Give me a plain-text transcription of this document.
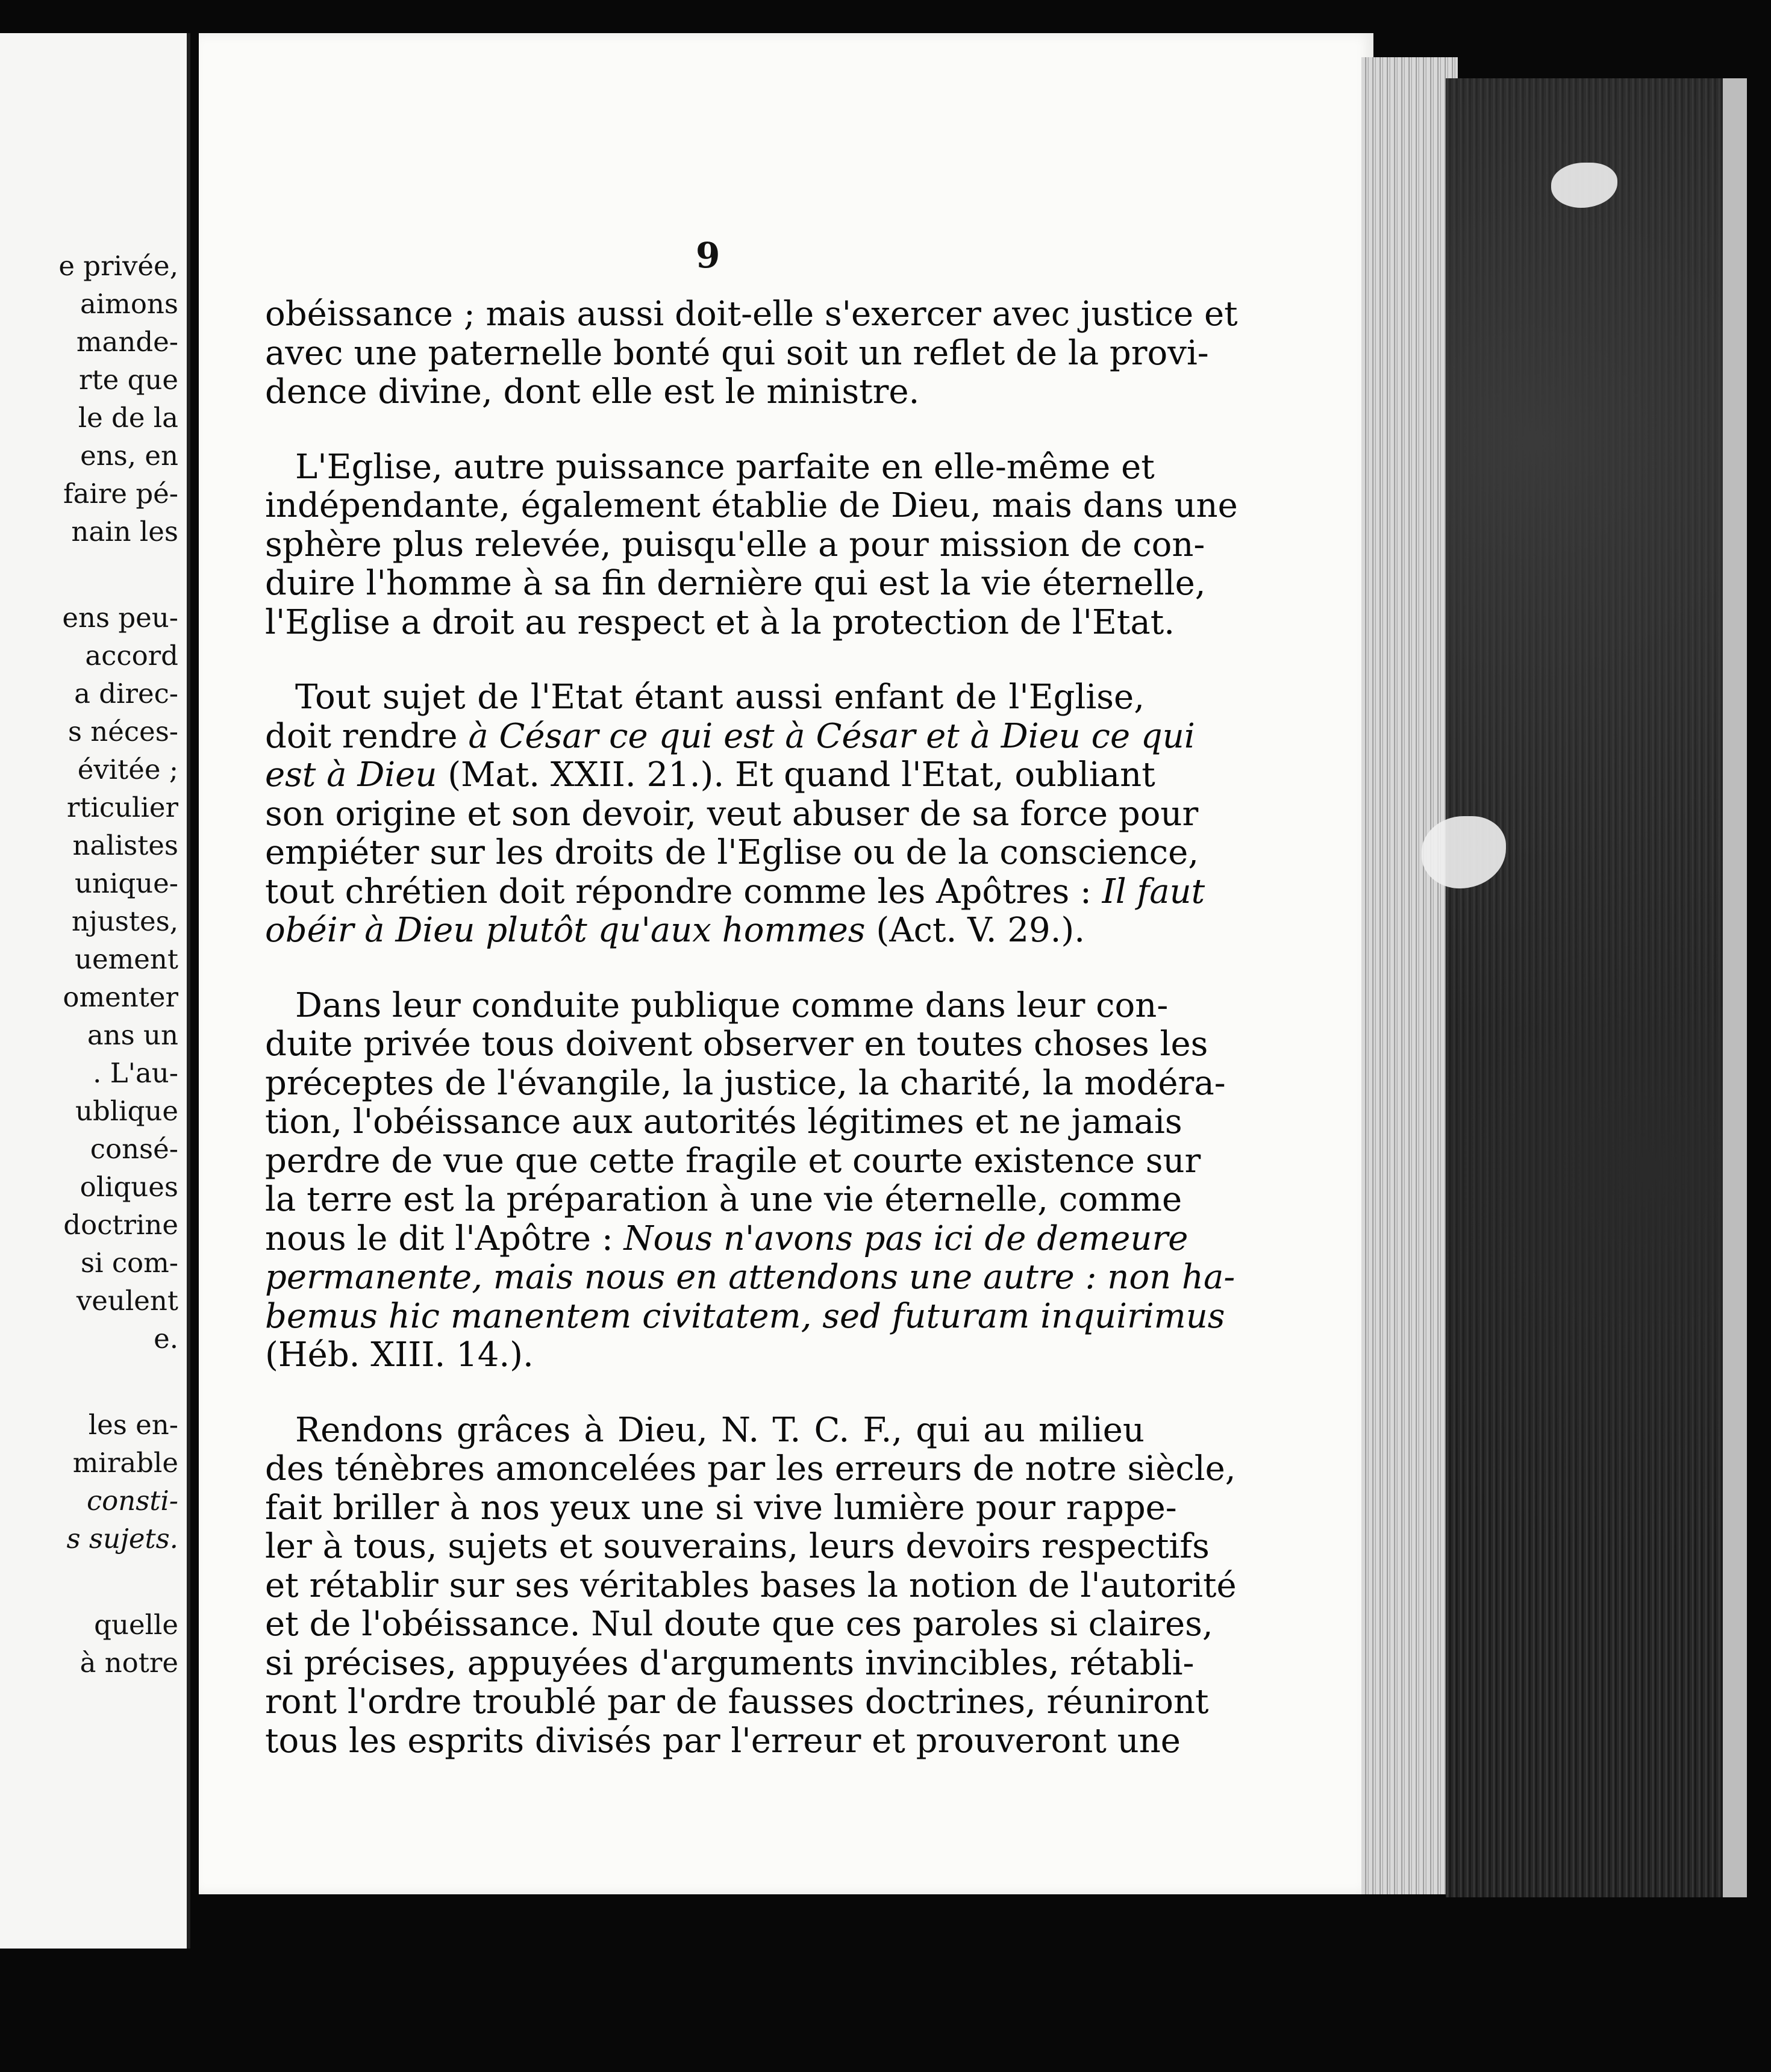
e privée,
aimons
mande-
rte que
le de la
ens, en
faire pé-
nain les
ens peu-
accord
a direc-
s néces-
évitée ;
rticulier
nalistes
unique-
njustes,
uement
omenter
ans un
. L'au-
ublique
consé-
oliques
doctrine
si com-
veulent
e.
les en-
mirable
consti-
s sujets.
quelle
à notre
9
obéissance ; mais aussi doit-elle s'exercer avec justice et
avec une paternelle bonté qui soit un reflet de la provi-
dence divine, dont elle est le ministre.
L'Eglise, autre puissance parfaite en elle-même et
indépendante, également établie de Dieu, mais dans une
sphère plus relevée, puisqu'elle a pour mission de con-
duire l'homme à sa fin dernière qui est la vie éternelle,
l'Eglise a droit au respect et à la protection de l'Etat.
Tout sujet de l'Etat étant aussi enfant de l'Eglise,
doit rendre à César ce qui est à César et à Dieu ce qui
est à Dieu (Mat. XXII. 21.). Et quand l'Etat, oubliant
son origine et son devoir, veut abuser de sa force pour
empiéter sur les droits de l'Eglise ou de la conscience,
tout chrétien doit répondre comme les Apôtres : Il faut
obéir à Dieu plutôt qu'aux hommes (Act. V. 29.).
Dans leur conduite publique comme dans leur con-
duite privée tous doivent observer en toutes choses les
préceptes de l'évangile, la justice, la charité, la modéra-
tion, l'obéissance aux autorités légitimes et ne jamais
perdre de vue que cette fragile et courte existence sur
la terre est la préparation à une vie éternelle, comme
nous le dit l'Apôtre : Nous n'avons pas ici de demeure
permanente, mais nous en attendons une autre : non ha-
bemus hic manentem civitatem, sed futuram inquirimus
(Héb. XIII. 14.).
Rendons grâces à Dieu, N. T. C. F., qui au milieu
des ténèbres amoncelées par les erreurs de notre siècle,
fait briller à nos yeux une si vive lumière pour rappe-
ler à tous, sujets et souverains, leurs devoirs respectifs
et rétablir sur ses véritables bases la notion de l'autorité
et de l'obéissance. Nul doute que ces paroles si claires,
si précises, appuyées d'arguments invincibles, rétabli-
ront l'ordre troublé par de fausses doctrines, réuniront
tous les esprits divisés par l'erreur et prouveront une
